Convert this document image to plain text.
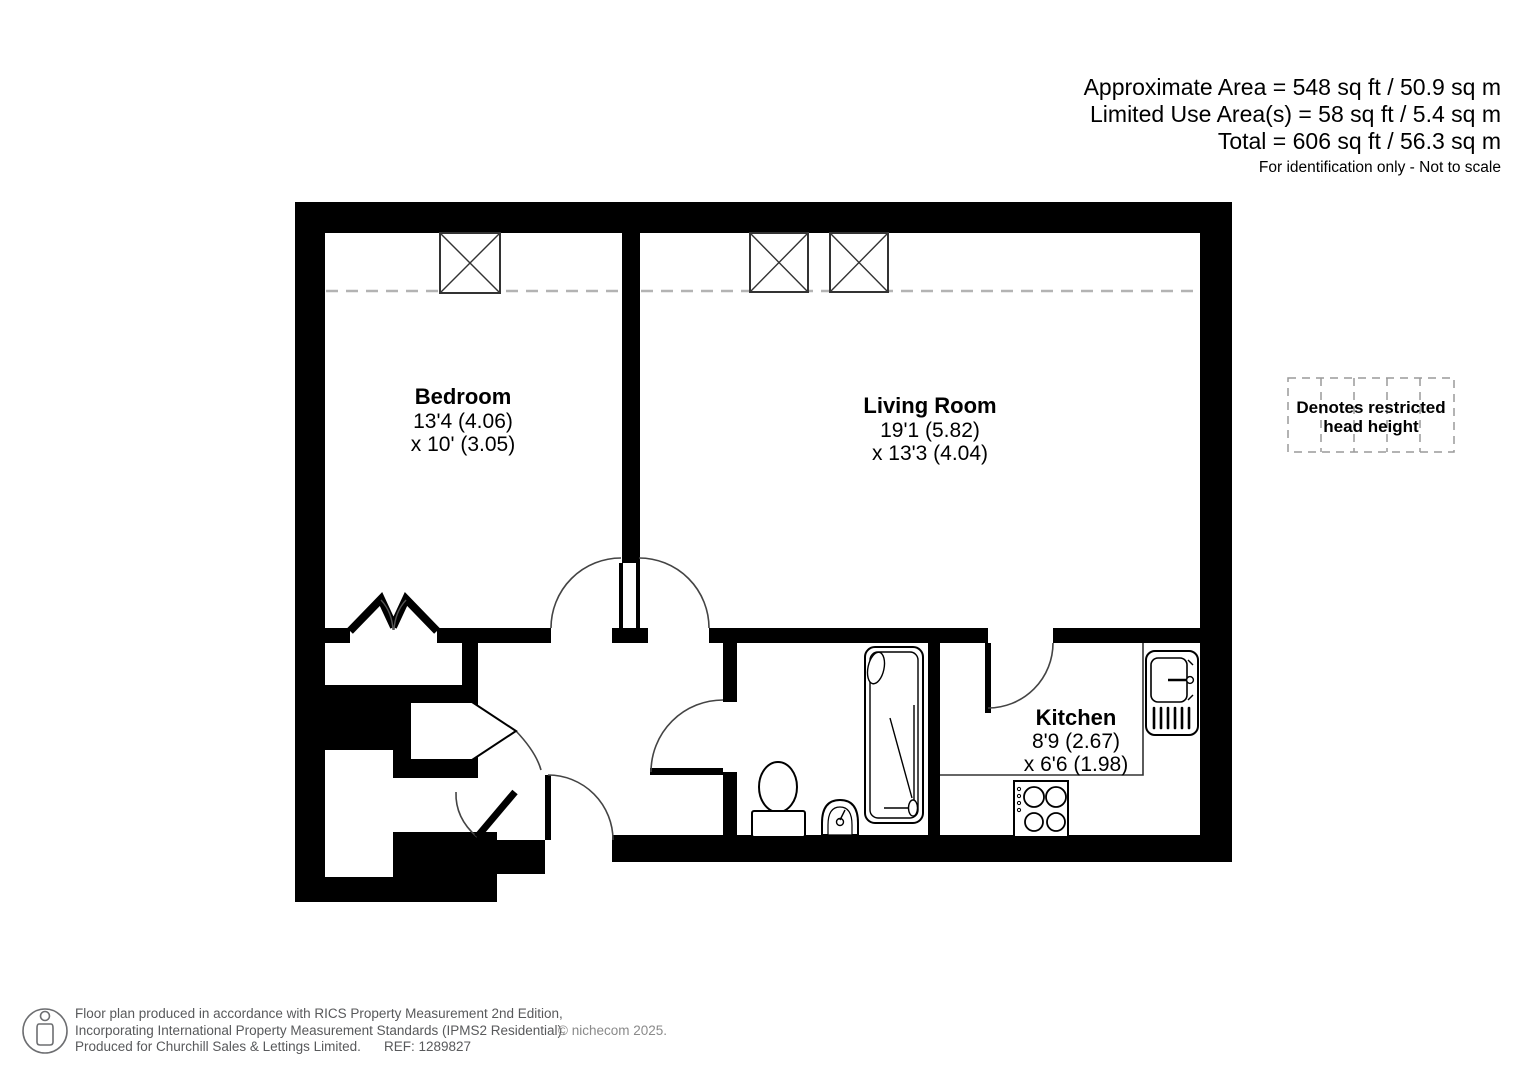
Denotes restricted
head height
Approximate Area = 548 sq ft / 50.9 sq m
Limited Use Area(s) = 58 sq ft / 5.4 sq m
Total = 606 sq ft / 56.3 sq m
For identification only - Not to scale
Bedroom
13'4 (4.06)
x 10' (3.05)
Living Room
19'1 (5.82)
x 13'3 (4.04)
Kitchen
8'9 (2.67)
x 6'6 (1.98)
Floor plan produced in accordance with RICS Property Measurement 2nd Edition,
Incorporating International Property Measurement Standards (IPMS2 Residential).
© nichecom 2025.
Produced for Churchill Sales & Lettings Limited. REF: 1289827
